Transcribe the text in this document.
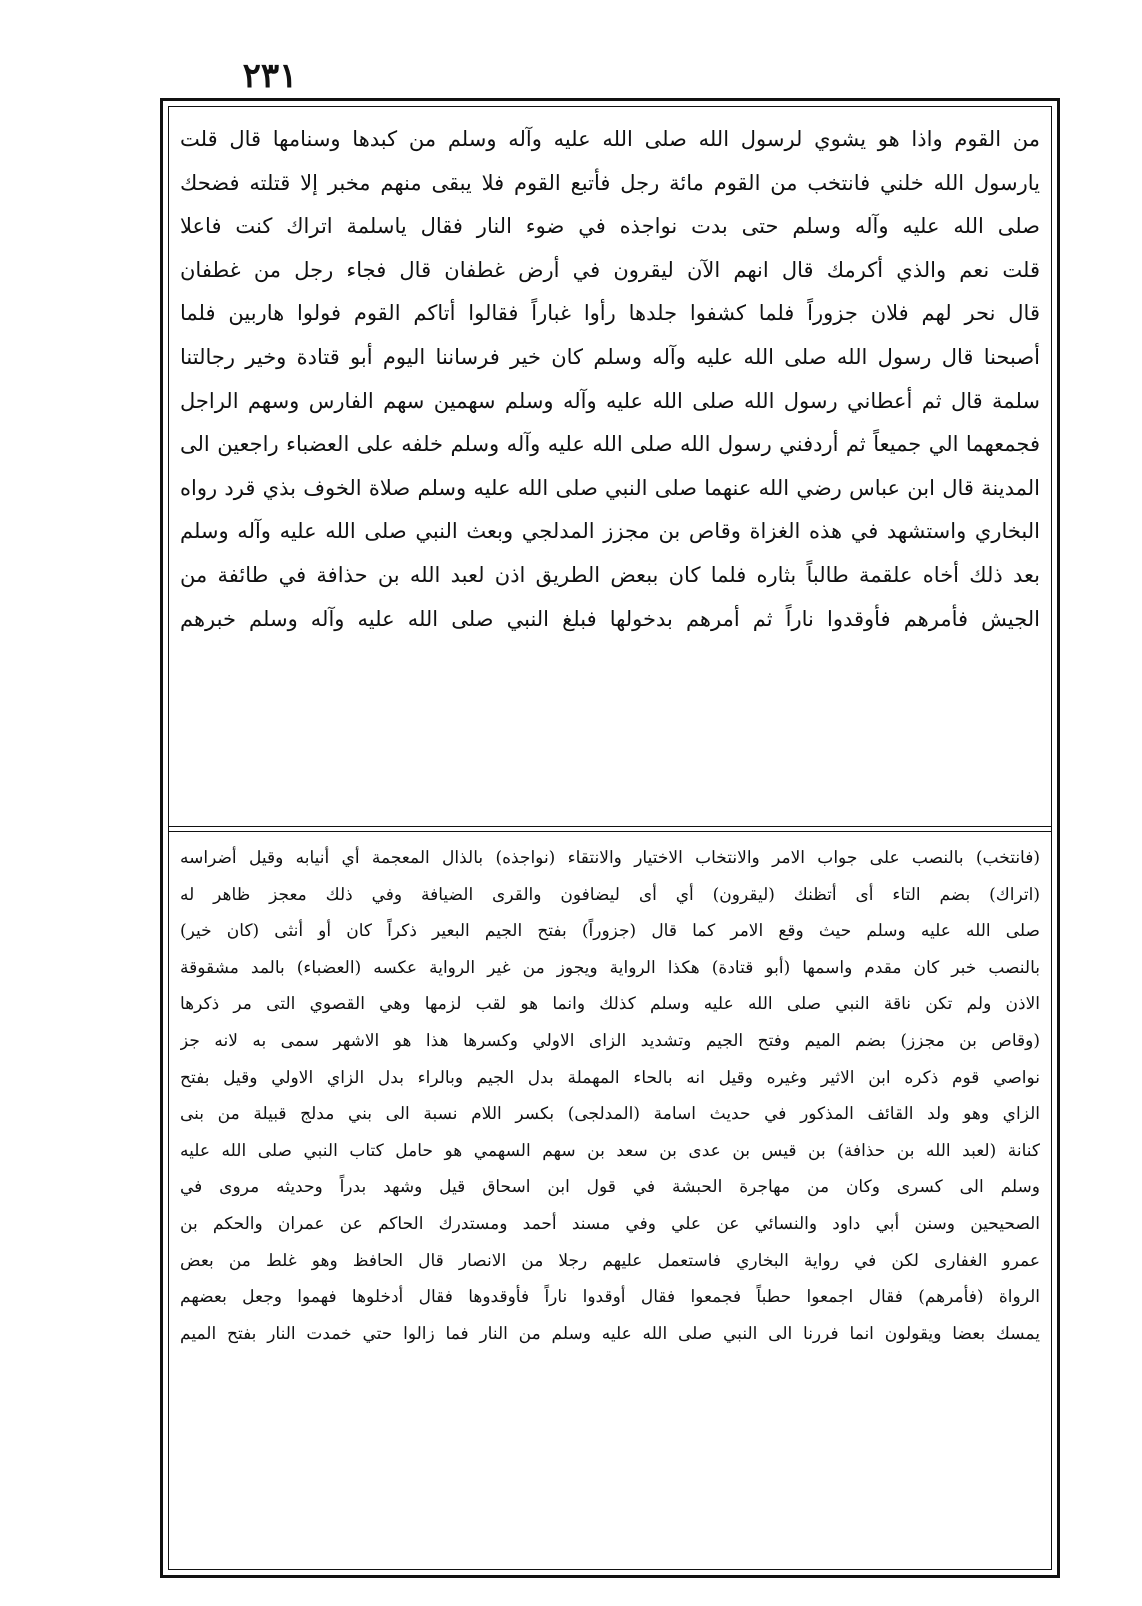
٢٣١
من القوم واذا هو يشوي لرسول الله صلى الله عليه وآله وسلم من كبدها وسنامها قال قلت
يارسول الله خلني فانتخب من القوم مائة رجل فأتبع القوم فلا يبقى منهم مخبر إلا قتلته فضحك
صلى الله عليه وآله وسلم حتى بدت نواجذه في ضوء النار فقال ياسلمة اتراك كنت فاعلا
قلت نعم والذي أكرمك قال انهم الآن ليقرون في أرض غطفان قال فجاء رجل من غطفان
قال نحر لهم فلان جزوراً فلما كشفوا جلدها رأوا غباراً فقالوا أتاكم القوم فولوا هاربين فلما
أصبحنا قال رسول الله صلى الله عليه وآله وسلم كان خير فرساننا اليوم أبو قتادة وخير رجالتنا
سلمة قال ثم أعطاني رسول الله صلى الله عليه وآله وسلم سهمين سهم الفارس وسهم الراجل
فجمعهما الي جميعاً ثم أردفني رسول الله صلى الله عليه وآله وسلم خلفه على العضباء راجعين الى
المدينة قال ابن عباس رضي الله عنهما صلى النبي صلى الله عليه وسلم صلاة الخوف بذي قرد رواه
البخاري واستشهد في هذه الغزاة وقاص بن مجزز المدلجي وبعث النبي صلى الله عليه وآله وسلم
بعد ذلك أخاه علقمة طالباً بثاره فلما كان ببعض الطريق اذن لعبد الله بن حذافة في طائفة من
الجيش فأمرهم فأوقدوا ناراً ثم أمرهم بدخولها فبلغ النبي صلى الله عليه وآله وسلم خبرهم
(فانتخب) بالنصب على جواب الامر والانتخاب الاختيار والانتقاء (نواجذه) بالذال المعجمة أي أنيابه وقيل أضراسه
(اتراك) بضم التاء أى أتظنك (ليقرون) أي أى ليضافون والقرى الضيافة وفي ذلك معجز ظاهر له
صلى الله عليه وسلم حيث وقع الامر كما قال (جزوراً) بفتح الجيم البعير ذكراً كان أو أنثى (كان خير)
بالنصب خبر كان مقدم واسمها (أبو قتادة) هكذا الرواية ويجوز من غير الرواية عكسه (العضباء) بالمد مشقوقة
الاذن ولم تكن ناقة النبي صلى الله عليه وسلم كذلك وانما هو لقب لزمها وهي القصوي التى مر ذكرها
(وقاص بن مجزز) بضم الميم وفتح الجيم وتشديد الزاى الاولي وكسرها هذا هو الاشهر سمى به لانه جز
نواصي قوم ذكره ابن الاثير وغيره وقيل انه بالحاء المهملة بدل الجيم وبالراء بدل الزاي الاولي وقيل بفتح
الزاي وهو ولد القائف المذكور في حديث اسامة (المدلجى) بكسر اللام نسبة الى بني مدلج قبيلة من بنى
كنانة (لعبد الله بن حذافة) بن قيس بن عدى بن سعد بن سهم السهمي هو حامل كتاب النبي صلى الله عليه
وسلم الى كسرى وكان من مهاجرة الحبشة في قول ابن اسحاق قيل وشهد بدراً وحديثه مروى في
الصحيحين وسنن أبي داود والنسائي عن علي وفي مسند أحمد ومستدرك الحاكم عن عمران والحكم بن
عمرو الغفارى لكن في رواية البخاري فاستعمل عليهم رجلا من الانصار قال الحافظ وهو غلط من بعض
الرواة (فأمرهم) فقال اجمعوا حطباً فجمعوا فقال أوقدوا ناراً فأوقدوها فقال أدخلوها فهموا وجعل بعضهم
يمسك بعضا ويقولون انما فررنا الى النبي صلى الله عليه وسلم من النار فما زالوا حتي خمدت النار بفتح الميم
